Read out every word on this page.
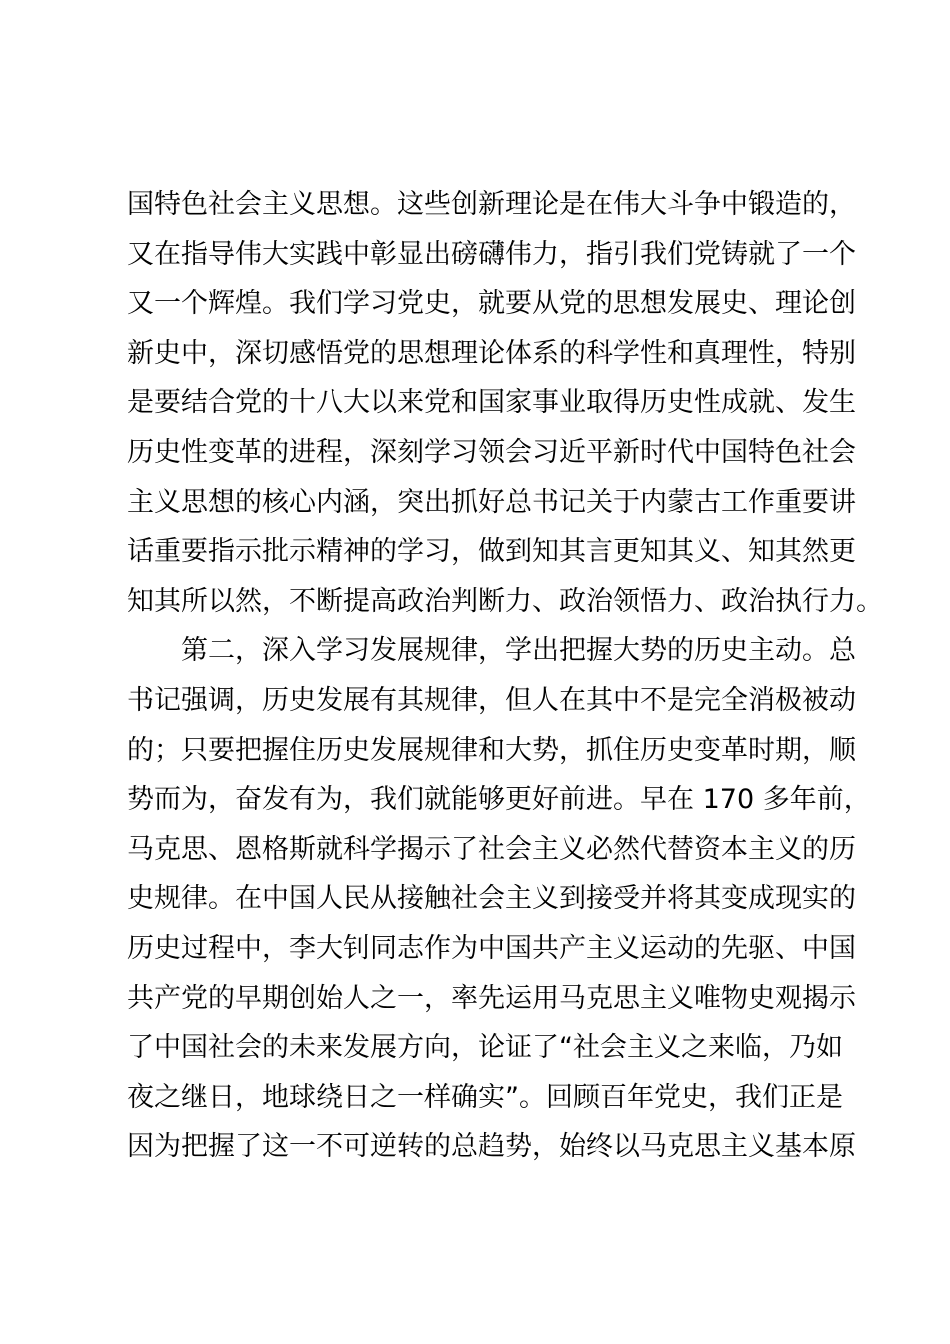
国特色社会主义思想。这些创新理论是在伟大斗争中锻造的，
又在指导伟大实践中彰显出磅礴伟力，指引我们党铸就了一个
又一个辉煌。我们学习党史，就要从党的思想发展史、理论创
新史中，深切感悟党的思想理论体系的科学性和真理性，特别
是要结合党的十八大以来党和国家事业取得历史性成就、发生
历史性变革的进程，深刻学习领会习近平新时代中国特色社会
主义思想的核心内涵，突出抓好总书记关于内蒙古工作重要讲
话重要指示批示精神的学习，做到知其言更知其义、知其然更
知其所以然，不断提高政治判断力、政治领悟力、政治执行力。
　　第二，深入学习发展规律，学出把握大势的历史主动。总
书记强调，历史发展有其规律，但人在其中不是完全消极被动
的；只要把握住历史发展规律和大势，抓住历史变革时期，顺
势而为，奋发有为，我们就能够更好前进。早在 170 多年前，
马克思、恩格斯就科学揭示了社会主义必然代替资本主义的历
史规律。在中国人民从接触社会主义到接受并将其变成现实的
历史过程中，李大钊同志作为中国共产主义运动的先驱、中国
共产党的早期创始人之一，率先运用马克思主义唯物史观揭示
了中国社会的未来发展方向，论证了“社会主义之来临，乃如
夜之继日，地球绕日之一样确实”。回顾百年党史，我们正是
因为把握了这一不可逆转的总趋势，始终以马克思主义基本原
